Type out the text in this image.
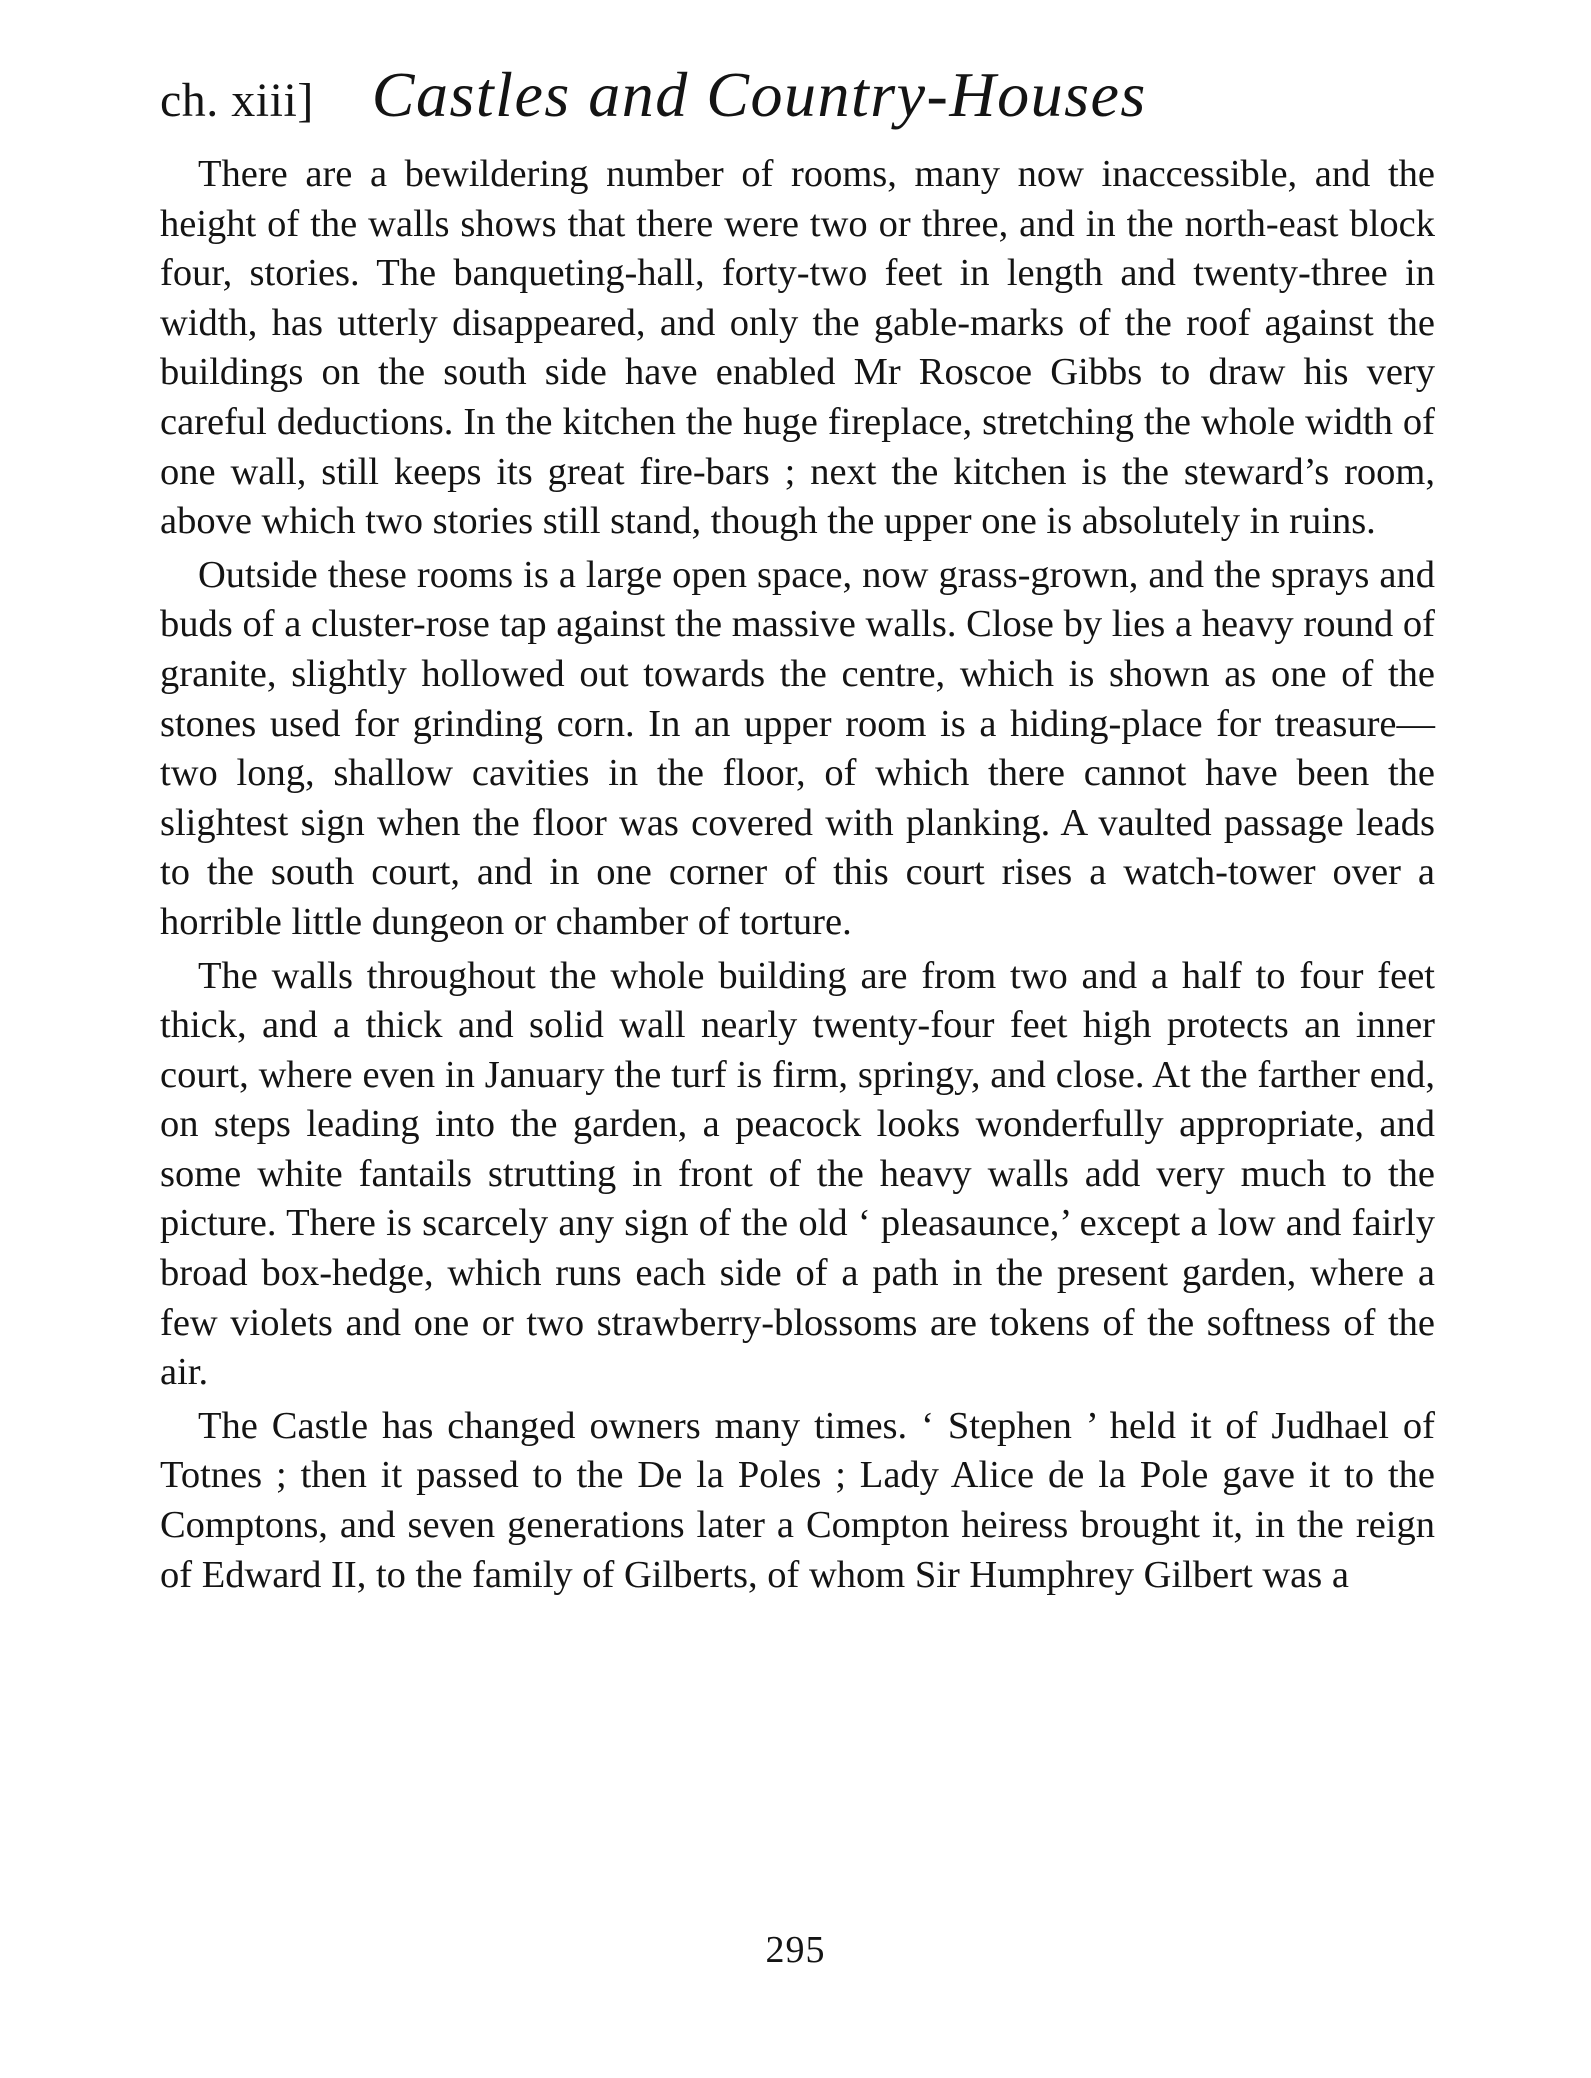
ch. xiii] Castles and Country-Houses

There are a bewildering number of rooms, many now inaccessible, and the height of the walls shows that there were two or three, and in the north-east block four, stories. The banqueting-hall, forty-two feet in length and twenty-three in width, has utterly disappeared, and only the gable-marks of the roof against the buildings on the south side have enabled Mr Roscoe Gibbs to draw his very careful deductions. In the kitchen the huge fireplace, stretching the whole width of one wall, still keeps its great fire-bars ; next the kitchen is the steward’s room, above which two stories still stand, though the upper one is absolutely in ruins.

Outside these rooms is a large open space, now grass-grown, and the sprays and buds of a cluster-rose tap against the massive walls. Close by lies a heavy round of granite, slightly hollowed out towards the centre, which is shown as one of the stones used for grinding corn. In an upper room is a hiding-place for treasure—two long, shallow cavities in the floor, of which there cannot have been the slightest sign when the floor was covered with planking. A vaulted passage leads to the south court, and in one corner of this court rises a watch-tower over a horrible little dungeon or chamber of torture.

The walls throughout the whole building are from two and a half to four feet thick, and a thick and solid wall nearly twenty-four feet high protects an inner court, where even in January the turf is firm, springy, and close. At the farther end, on steps leading into the garden, a peacock looks wonderfully appropriate, and some white fantails strutting in front of the heavy walls add very much to the picture. There is scarcely any sign of the old ‘ pleasaunce,’ except a low and fairly broad box-hedge, which runs each side of a path in the present garden, where a few violets and one or two strawberry-blossoms are tokens of the softness of the air.

The Castle has changed owners many times. ‘ Stephen ’ held it of Judhael of Totnes ; then it passed to the De la Poles ; Lady Alice de la Pole gave it to the Comptons, and seven generations later a Compton heiress brought it, in the reign of Edward II, to the family of Gilberts, of whom Sir Humphrey Gilbert was a

295
